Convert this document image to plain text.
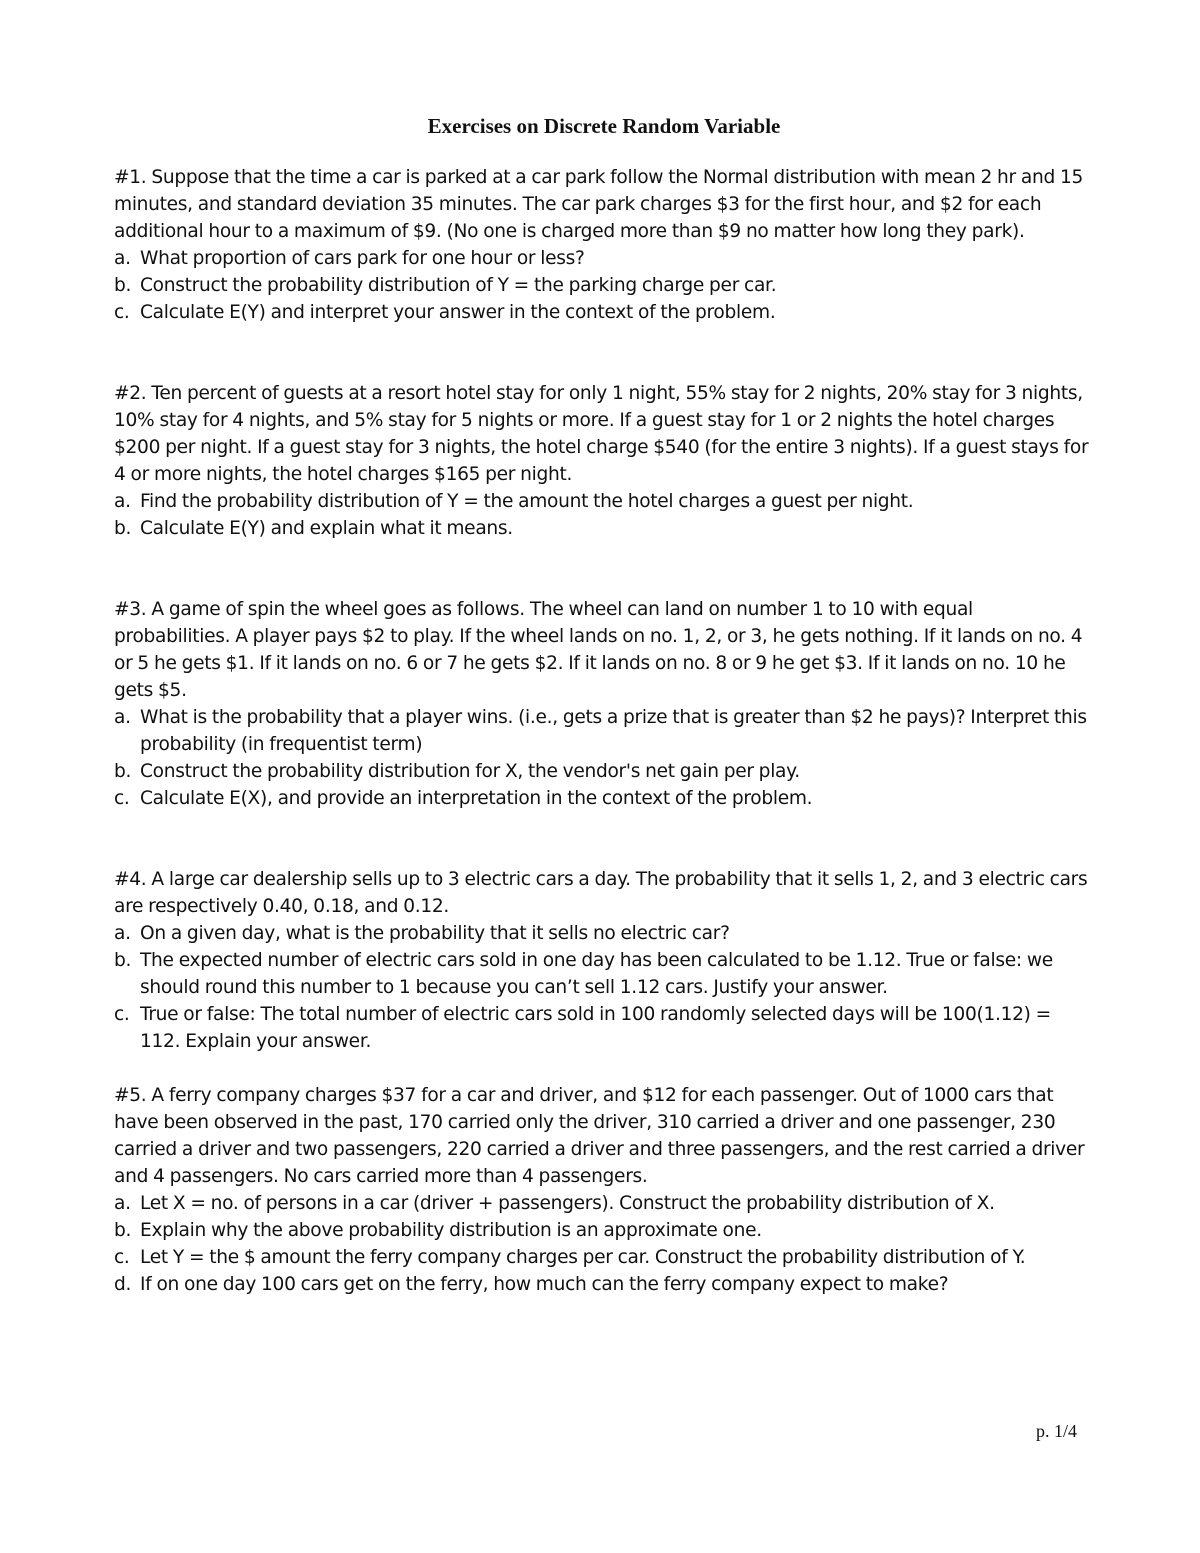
Exercises on Discrete Random Variable

#1. Suppose that the time a car is parked at a car park follow the Normal distribution with mean 2 hr and 15 minutes, and standard deviation 35 minutes. The car park charges $3 for the first hour, and $2 for each additional hour to a maximum of $9. (No one is charged more than $9 no matter how long they park).

a. What proportion of cars park for one hour or less?
b. Construct the probability distribution of Y = the parking charge per car.
c. Calculate E(Y) and interpret your answer in the context of the problem.

#2. Ten percent of guests at a resort hotel stay for only 1 night, 55% stay for 2 nights, 20% stay for 3 nights, 10% stay for 4 nights, and 5% stay for 5 nights or more. If a guest stay for 1 or 2 nights the hotel charges $200 per night. If a guest stay for 3 nights, the hotel charge $540 (for the entire 3 nights). If a guest stays for 4 or more nights, the hotel charges $165 per night.

a. Find the probability distribution of Y = the amount the hotel charges a guest per night.
b. Calculate E(Y) and explain what it means.

#3. A game of spin the wheel goes as follows. The wheel can land on number 1 to 10 with equal probabilities. A player pays $2 to play. If the wheel lands on no. 1, 2, or 3, he gets nothing. If it lands on no. 4 or 5 he gets $1. If it lands on no. 6 or 7 he gets $2. If it lands on no. 8 or 9 he get $3. If it lands on no. 10 he gets $5.

a. What is the probability that a player wins. (i.e., gets a prize that is greater than $2 he pays)? Interpret this probability (in frequentist term)
b. Construct the probability distribution for X, the vendor's net gain per play.
c. Calculate E(X), and provide an interpretation in the context of the problem.

#4. A large car dealership sells up to 3 electric cars a day. The probability that it sells 1, 2, and 3 electric cars are respectively 0.40, 0.18, and 0.12.

a. On a given day, what is the probability that it sells no electric car?
b. The expected number of electric cars sold in one day has been calculated to be 1.12. True or false: we should round this number to 1 because you can’t sell 1.12 cars. Justify your answer.
c. True or false: The total number of electric cars sold in 100 randomly selected days will be 100(1.12) = 112. Explain your answer.

#5. A ferry company charges $37 for a car and driver, and $12 for each passenger. Out of 1000 cars that have been observed in the past, 170 carried only the driver, 310 carried a driver and one passenger, 230 carried a driver and two passengers, 220 carried a driver and three passengers, and the rest carried a driver and 4 passengers. No cars carried more than 4 passengers.

a. Let X = no. of persons in a car (driver + passengers). Construct the probability distribution of X.
b. Explain why the above probability distribution is an approximate one.
c. Let Y = the $ amount the ferry company charges per car. Construct the probability distribution of Y.
d. If on one day 100 cars get on the ferry, how much can the ferry company expect to make?
p. 1/4
